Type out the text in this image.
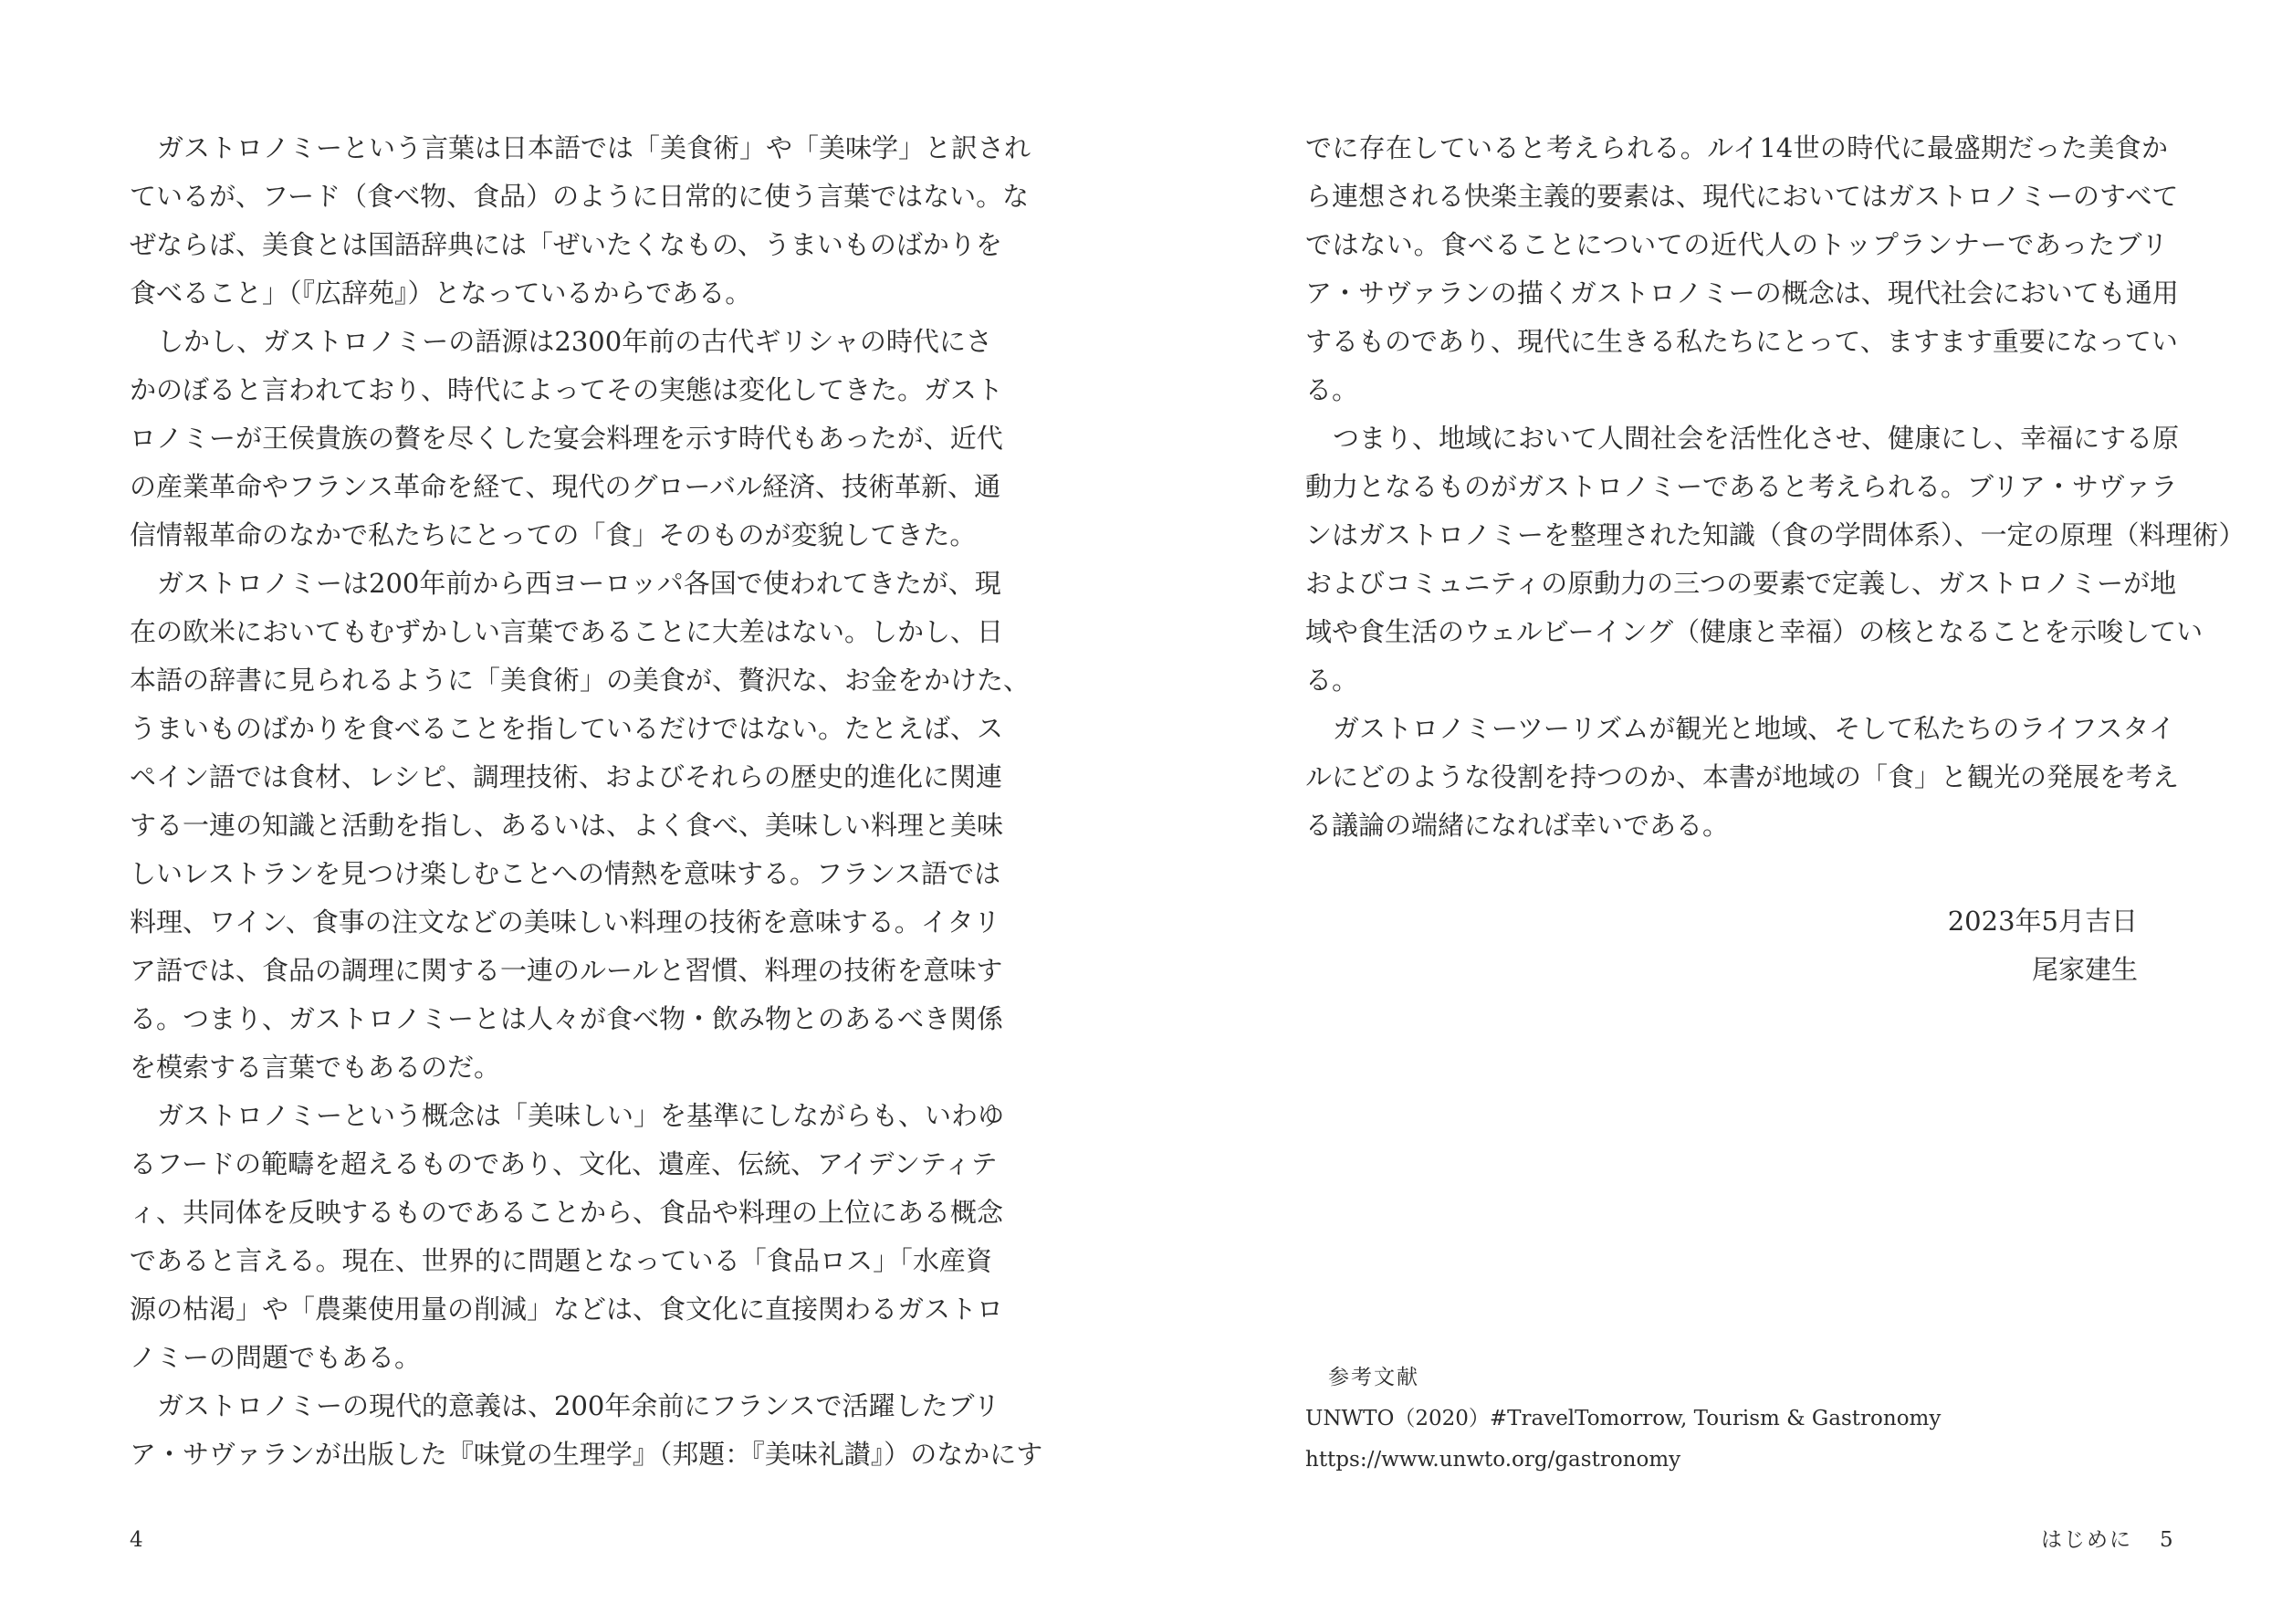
ガストロノミーという言葉は日本語では「美食術」や「美味学」と訳され
ているが、フード（食べ物、食品）のように日常的に使う言葉ではない。な
ぜならば、美食とは国語辞典には「ぜいたくなもの、うまいものばかりを
食べること」（『広辞苑』）となっているからである。
しかし、ガストロノミーの語源は2300年前の古代ギリシャの時代にさ
かのぼると言われており、時代によってその実態は変化してきた。ガスト
ロノミーが王侯貴族の贅を尽くした宴会料理を示す時代もあったが、近代
の産業革命やフランス革命を経て、現代のグローバル経済、技術革新、通
信情報革命のなかで私たちにとっての「食」そのものが変貌してきた。
ガストロノミーは200年前から西ヨーロッパ各国で使われてきたが、現
在の欧米においてもむずかしい言葉であることに大差はない。しかし、日
本語の辞書に見られるように「美食術」の美食が、贅沢な、お金をかけた、
うまいものばかりを食べることを指しているだけではない。たとえば、ス
ペイン語では食材、レシピ、調理技術、およびそれらの歴史的進化に関連
する一連の知識と活動を指し、あるいは、よく食べ、美味しい料理と美味
しいレストランを見つけ楽しむことへの情熱を意味する。フランス語では
料理、ワイン、食事の注文などの美味しい料理の技術を意味する。イタリ
ア語では、食品の調理に関する一連のルールと習慣、料理の技術を意味す
る。つまり、ガストロノミーとは人々が食べ物・飲み物とのあるべき関係
を模索する言葉でもあるのだ。
ガストロノミーという概念は「美味しい」を基準にしながらも、いわゆ
るフードの範疇を超えるものであり、文化、遺産、伝統、アイデンティテ
ィ、共同体を反映するものであることから、食品や料理の上位にある概念
であると言える。現在、世界的に問題となっている「食品ロス」「水産資
源の枯渇」や「農薬使用量の削減」などは、食文化に直接関わるガストロ
ノミーの問題でもある。
ガストロノミーの現代的意義は、200年余前にフランスで活躍したブリ
ア・サヴァランが出版した『味覚の生理学』（邦題：『美味礼讃』）のなかにす
4
でに存在していると考えられる。ルイ14世の時代に最盛期だった美食か
ら連想される快楽主義的要素は、現代においてはガストロノミーのすべて
ではない。食べることについての近代人のトップランナーであったブリ
ア・サヴァランの描くガストロノミーの概念は、現代社会においても通用
するものであり、現代に生きる私たちにとって、ますます重要になってい
る。
つまり、地域において人間社会を活性化させ、健康にし、幸福にする原
動力となるものがガストロノミーであると考えられる。ブリア・サヴァラ
ンはガストロノミーを整理された知識（食の学問体系）、一定の原理（料理術）
およびコミュニティの原動力の三つの要素で定義し、ガストロノミーが地
域や食生活のウェルビーイング（健康と幸福）の核となることを示唆してい
る。
ガストロノミーツーリズムが観光と地域、そして私たちのライフスタイ
ルにどのような役割を持つのか、本書が地域の「食」と観光の発展を考え
る議論の端緒になれば幸いである。
2023年5月吉日
尾家建生
参考文献
UNWTO（2020）#TravelTomorrow, Tourism & Gastronomy
https://www.unwto.org/gastronomy
はじめに 5
